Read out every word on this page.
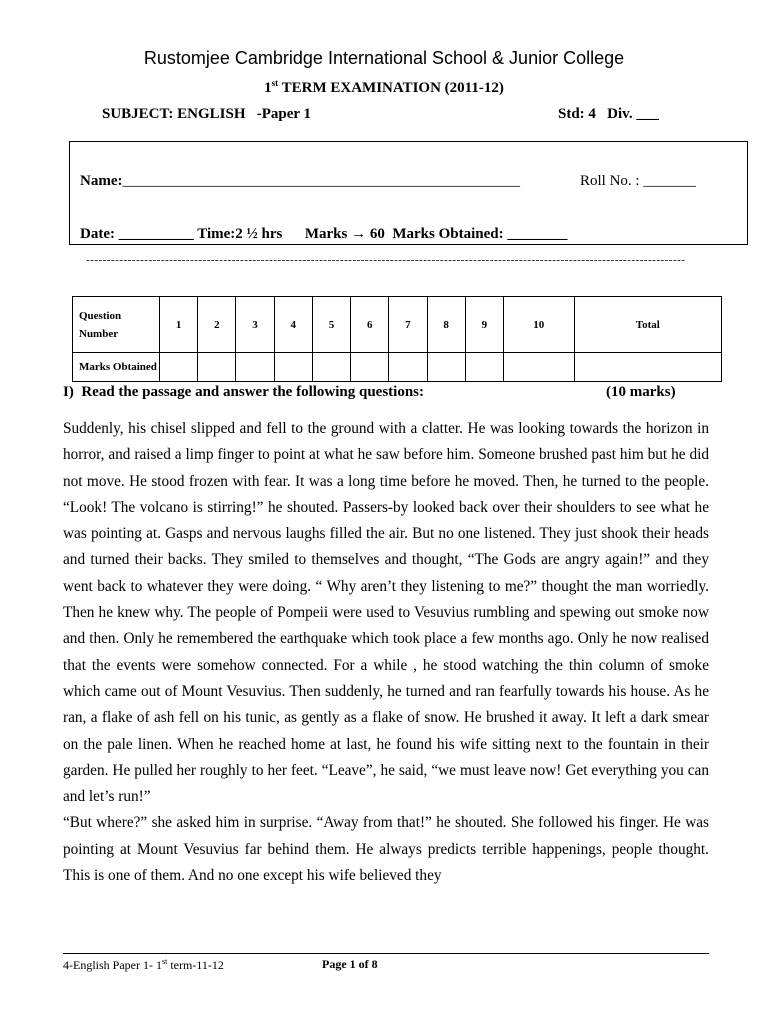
Rustomjee Cambridge International School & Junior College
1st TERM EXAMINATION (2011-12)
SUBJECT: ENGLISH   -Paper 1	Std: 4   Div. ___
Name:_____________________________________________________	Roll No. : _______
Date: __________ Time:2 ½ hrs      Marks → 60  Marks Obtained: ________
------------------------------------------------------------------------------------------------------------------------------------------------
Question Number	1	2	3	4	5	6	7	8	9	10	Total
Marks Obtained											
I)  Read the passage and answer the following questions:	(10 marks)

Suddenly, his chisel slipped and fell to the ground with a clatter. He was looking towards the horizon in horror, and raised a limp finger to point at what he saw before him. Someone brushed past him but he did not move. He stood frozen with fear. It was a long time before he moved. Then, he turned to the people. “Look! The volcano is stirring!” he shouted. Passers-by looked back over their shoulders to see what he was pointing at. Gasps and nervous laughs filled the air. But no one listened. They just shook their heads and turned their backs. They smiled to themselves and thought, “The Gods are angry again!” and they went back to whatever they were doing. “ Why aren’t they listening to me?” thought the man worriedly. Then he knew why. The people of Pompeii were used to Vesuvius rumbling and spewing out smoke now and then. Only he remembered the earthquake which took place a few months ago. Only he now realised that the events were somehow connected. For a while , he stood watching the thin column of smoke which came out of Mount Vesuvius. Then suddenly, he turned and ran fearfully towards his house. As he ran, a flake of ash fell on his tunic, as gently as a flake of snow. He brushed it away. It left a dark smear on the pale linen. When he reached home at last, he found his wife sitting next to the fountain in their garden. He pulled her roughly to her feet. “Leave”, he said, “we must leave now! Get everything you can and let’s run!”

“But where?” she asked him in surprise. “Away from that!” he shouted. She followed his finger. He was pointing at Mount Vesuvius far behind them. He always predicts terrible happenings, people thought. This is one of them. And no one except his wife believed they

4-English Paper 1- 1st term-11-12	Page 1 of 8
